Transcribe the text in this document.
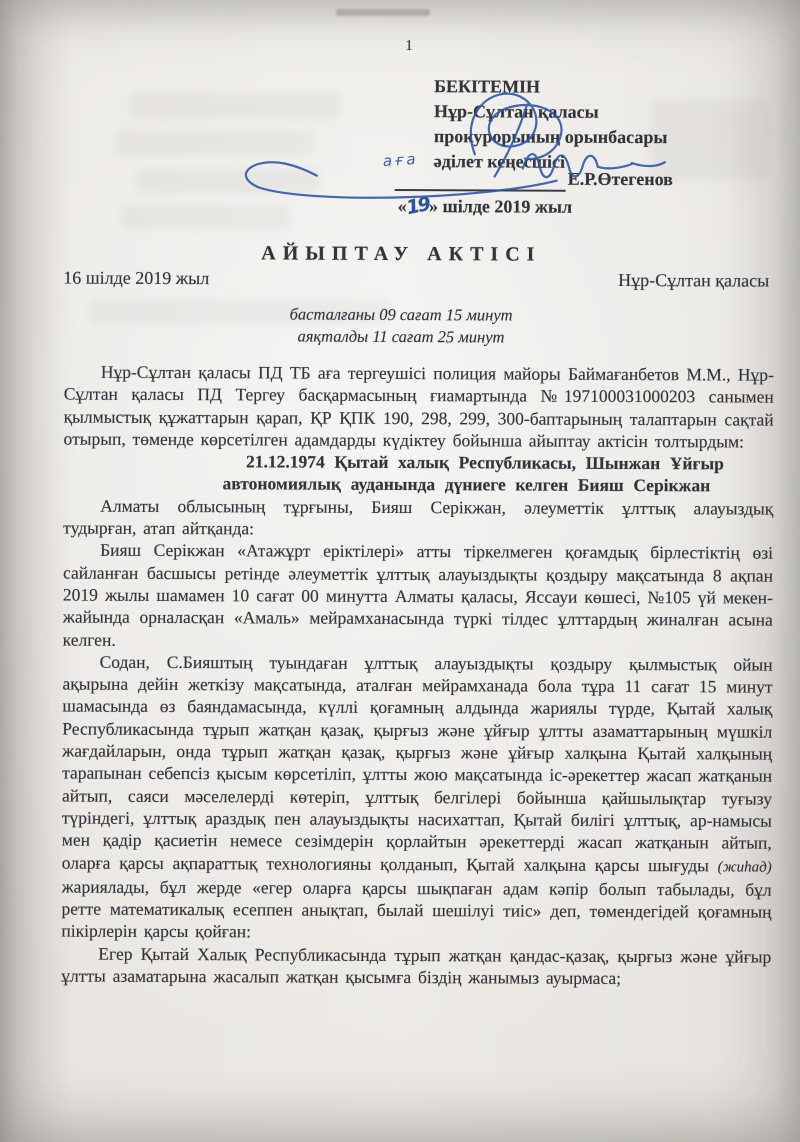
1
БЕКІТЕМІН
Нұр-Сұлтан қаласы
прокурорының орынбасары
әділет кеңесшісі
аға
Е.Р.Өтегенов
«19» шілде 2019 жыл
АЙЫПТАУ АКТІСІ
16 шілде 2019 жыл	Нұр-Сұлтан қаласы
басталғаны 09 сағат 15 минут
аяқталды 11 сағат 25 минут

Нұр-Сұлтан қаласы ПД ТБ аға тергеушісі полиция майоры Баймағанбетов М.М., Нұр-Сұлтан қаласы ПД Тергеу басқармасының ғиамартында №197100031000203 санымен қылмыстық құжаттарын қарап, ҚР ҚПК 190, 298, 299, 300-баптарының талаптарын сақтай отырып, төменде көрсетілген адамдарды күдіктеу бойынша айыптау актісін толтырдым:

21.12.1974 Қытай халық Республикасы, Шынжан Ұйғыр автономиялық ауданында дүниеге келген Бияш Серікжан

Алматы облысының тұрғыны, Бияш Серікжан, әлеуметтік ұлттық алауыздық тудырған, атап айтқанда:

Бияш Серікжан «Атажұрт еріктілері» атты тіркелмеген қоғамдық бірлестіктің өзі сайланған басшысы ретінде әлеуметтік ұлттық алауыздықты қоздыру мақсатында 8 ақпан 2019 жылы шамамен 10 сағат 00 минутта Алматы қаласы, Яссауи көшесі, №105 үй мекен-жайында орналасқан «Амаль» мейрамханасында түркі тілдес ұлттардың жиналған асына келген.

Содан, С.Бияштың туындаған ұлттық алауыздықты қоздыру қылмыстық ойын ақырына дейін жеткізу мақсатында, аталған мейрамханада бола тұра 11 сағат 15 минут шамасында өз баяндамасында, күллі қоғамның алдында жариялы түрде, Қытай халық Республикасында тұрып жатқан қазақ, қырғыз және ұйғыр ұлтты азаматтарының мүшкіл жағдайларын, онда тұрып жатқан қазақ, қырғыз және ұйғыр халқына Қытай халқының тарапынан себепсіз қысым көрсетіліп, ұлтты жою мақсатында іс-әрекеттер жасап жатқанын айтып, саяси мәселелерді көтеріп, ұлттық белгілері бойынша қайшылықтар туғызу түріндегі, ұлттық араздық пен алауыздықты насихаттап, Қытай билігі ұлттық, ар-намысы мен қадір қасиетін немесе сезімдерін қорлайтын әрекеттерді жасап жатқанын айтып, оларға қарсы ақпараттық технологияны қолданып, Қытай халқына қарсы шығуды (жиһад) жариялады, бұл жерде «егер оларға қарсы шықпаған адам кәпір болып табылады, бұл ретте математикалық есеппен анықтап, былай шешілуі тиіс» деп, төмендегідей қоғамның пікірлерін қарсы қойған:

Егер Қытай Халық Республикасында тұрып жатқан қандас-қазақ, қырғыз және ұйғыр ұлтты азаматарына жасалып жатқан қысымға біздің жанымыз ауырмаса;
